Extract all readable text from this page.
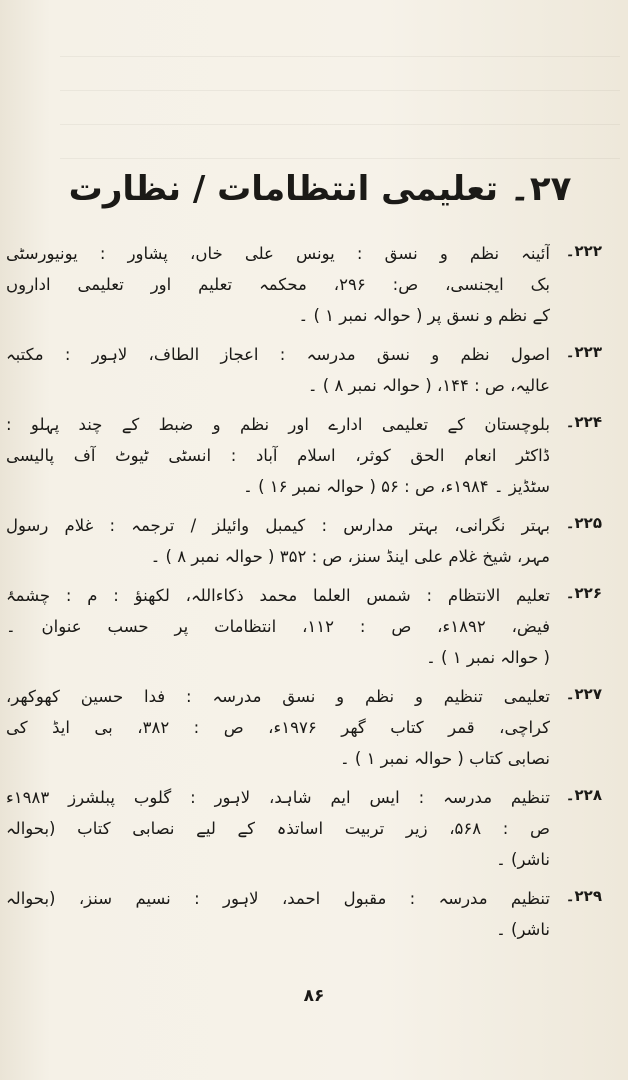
۲۷۔ تعلیمی انتظامات / نظارت
۲۲۲۔
آئینہ نظم و نسق : یونس علی خاں، پشاور : یونیورسٹی
بک ایجنسی، ص: ۲۹۶، محکمہ تعلیم اور تعلیمی اداروں
کے نظم و نسق پر ( حوالہ نمبر ۱ ) ۔
۲۲۳۔
اصول نظم و نسق مدرسہ : اعجاز الطاف، لاہور : مکتبہ
عالیہ، ص : ۱۴۴، ( حوالہ نمبر ۸ ) ۔
۲۲۴۔
بلوچستان کے تعلیمی ادارے اور نظم و ضبط کے چند پہلو :
ڈاکٹر انعام الحق کوثر، اسلام آباد : انسٹی ٹیوٹ آف پالیسی
سٹڈیز ۔ ۱۹۸۴ء، ص : ۵۶ ( حوالہ نمبر ۱۶ ) ۔
۲۲۵۔
بہتر نگرانی، بہتر مدارس : کیمبل وائیلز / ترجمہ : غلام رسول
مہر، شیخ غلام علی اینڈ سنز، ص : ۳۵۲ ( حوالہ نمبر ۸ ) ۔
۲۲۶۔
تعلیم الانتظام : شمس العلما محمد ذکاءاللہ، لکھنؤ : م : چشمۂ
فیض، ۱۸۹۲ء، ص : ۱۱۲، انتظامات پر حسب عنوان ۔
( حوالہ نمبر ۱ ) ۔
۲۲۷۔
تعلیمی تنظیم و نظم و نسق مدرسہ : فدا حسین کھوکھر،
کراچی، قمر کتاب گھر ۱۹۷۶ء، ص : ۳۸۲، بی ایڈ کی
نصابی کتاب ( حوالہ نمبر ۱ ) ۔
۲۲۸۔
تنظیم مدرسہ : ایس ایم شاہد، لاہور : گلوب پبلشرز ۱۹۸۳ء
ص : ۵۶۸، زیر تربیت اساتذہ کے لیے نصابی کتاب (بحوالہ
ناشر) ۔
۲۲۹۔
تنظیم مدرسہ : مقبول احمد، لاہور : نسیم سنز، (بحوالہ
ناشر) ۔
۸۶
